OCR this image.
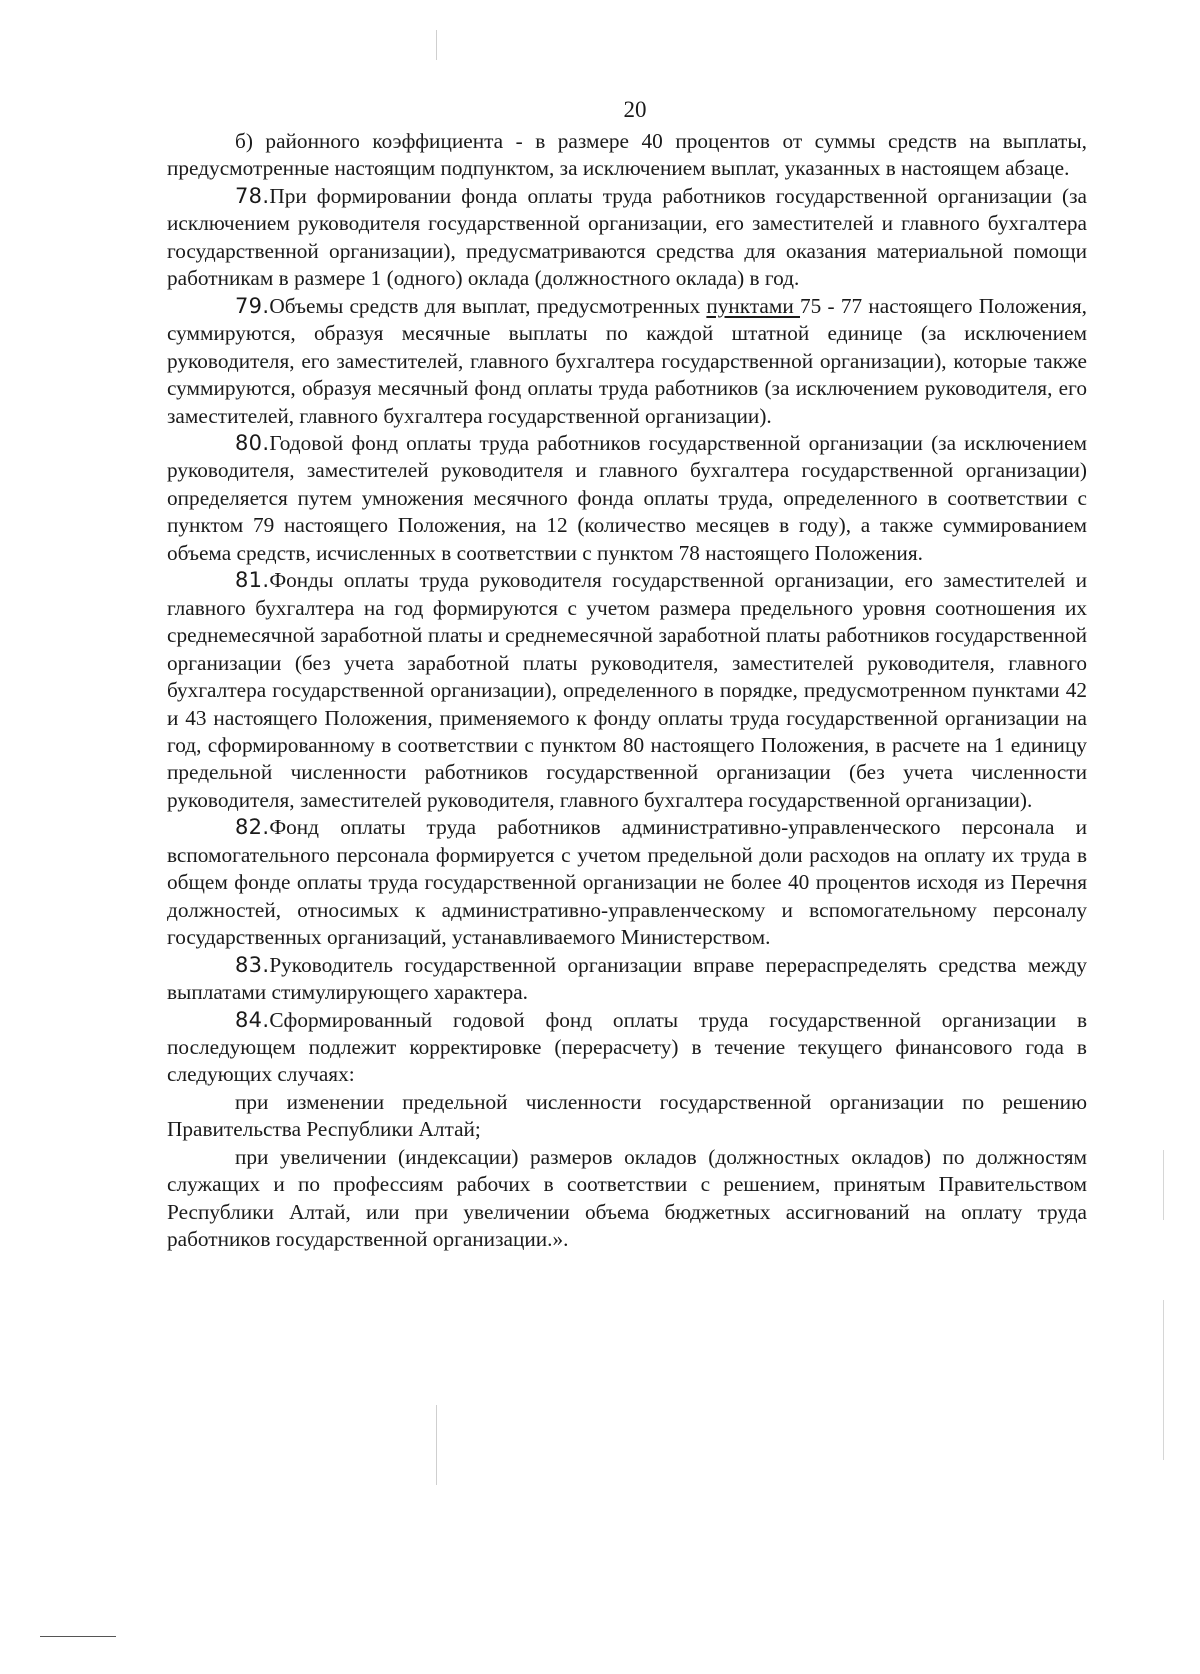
20

б) районного коэффициента - в размере 40 процентов от суммы средств на выплаты, предусмотренные настоящим подпунктом, за исключением выплат, указанных в настоящем абзаце.

78.При формировании фонда оплаты труда работников государственной организации (за исключением руководителя государственной организации, его заместителей и главного бухгалтера государственной организации), предусматриваются средства для оказания материальной помощи работникам в размере 1 (одного) оклада (должностного оклада) в год.

79.Объемы средств для выплат, предусмотренных пунктами 75 - 77 настоящего Положения, суммируются, образуя месячные выплаты по каждой штатной единице (за исключением руководителя, его заместителей, главного бухгалтера государственной организации), которые также суммируются, образуя месячный фонд оплаты труда работников (за исключением руководителя, его заместителей, главного бухгалтера государственной организации).

80.Годовой фонд оплаты труда работников государственной организации (за исключением руководителя, заместителей руководителя и главного бухгалтера государственной организации) определяется путем умножения месячного фонда оплаты труда, определенного в соответствии с пунктом 79 настоящего Положения, на 12 (количество месяцев в году), а также суммированием объема средств, исчисленных в соответствии с пунктом 78 настоящего Положения.

81.Фонды оплаты труда руководителя государственной организации, его заместителей и главного бухгалтера на год формируются с учетом размера предельного уровня соотношения их среднемесячной заработной платы и среднемесячной заработной платы работников государственной организации (без учета заработной платы руководителя, заместителей руководителя, главного бухгалтера государственной организации), определенного в порядке, предусмотренном пунктами 42 и 43 настоящего Положения, применяемого к фонду оплаты труда государственной организации на год, сформированному в соответствии с пунктом 80 настоящего Положения, в расчете на 1 единицу предельной численности работников государственной организации (без учета численности руководителя, заместителей руководителя, главного бухгалтера государственной организации).

82.Фонд оплаты труда работников административно-управленческого персонала и вспомогательного персонала формируется с учетом предельной доли расходов на оплату их труда в общем фонде оплаты труда государственной организации не более 40 процентов исходя из Перечня должностей, относимых к административно-управленческому и вспомогательному персоналу государственных организаций, устанавливаемого Министерством.

83.Руководитель государственной организации вправе перераспределять средства между выплатами стимулирующего характера.

84.Сформированный годовой фонд оплаты труда государственной организации в последующем подлежит корректировке (перерасчету) в течение текущего финансового года в следующих случаях:

при изменении предельной численности государственной организации по решению Правительства Республики Алтай;

при увеличении (индексации) размеров окладов (должностных окладов) по должностям служащих и по профессиям рабочих в соответствии с решением, принятым Правительством Республики Алтай, или при увеличении объема бюджетных ассигнований на оплату труда работников государственной организации.».
